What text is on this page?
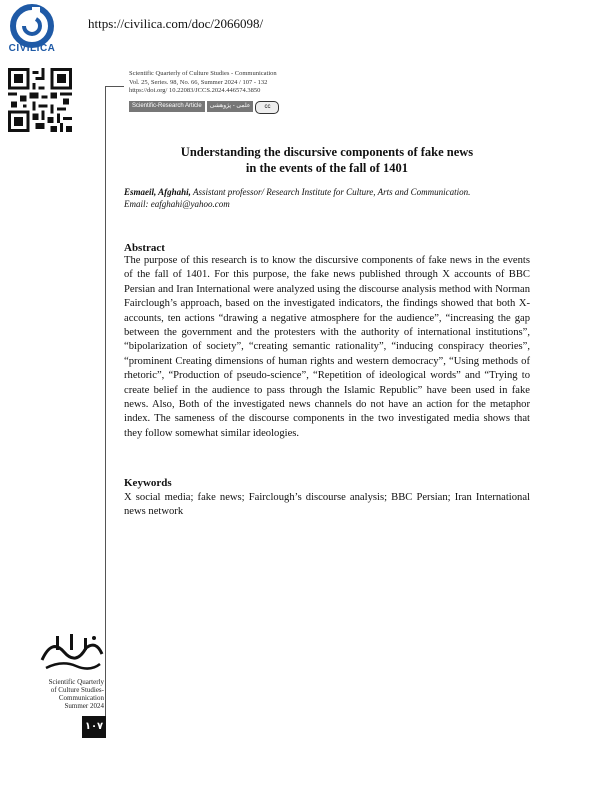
CIVILICA
https://civilica.com/doc/2066098/
Scientific Quarterly of Culture Studies - Communication
Vol. 25, Series. 98, No. 66, Summer 2024 / 107 - 132
https://doi.org/ 10.22083/JCCS.2024.446574.3850
Scientific-Research Article	علمی - پژوهشی	cc
Understanding the discursive components of fake news
in the events of the fall of 1401
Esmaeil, Afghahi, Assistant professor/ Research Institute for Culture, Arts and Communication.
Email: eafghahi@yahoo.com
Abstract
The purpose of this research is to know the discursive components of fake news in the events of the fall of 1401. For this purpose, the fake news published through X accounts of BBC Persian and Iran International were analyzed using the discourse analysis method with Norman Fairclough’s approach, based on the investigated indicators, the findings showed that both X-accounts, ten actions “drawing a negative atmosphere for the audience”, “increasing the gap between the government and the protesters with the authority of international institutions”, “bipolarization of society”, “creating semantic rationality”, “inducing conspiracy theories”, “prominent Creating dimensions of human rights and western democracy”, “Using methods of rhetoric”, “Production of pseudo-science”, “Repetition of ideological words” and “Trying to create belief in the audience to pass through the Islamic Republic” have been used in fake news. Also, Both of the investigated news channels do not have an action for the metaphor index. The sameness of the discourse components in the two investigated media shows that they follow somewhat similar ideologies.
Keywords
X social media; fake news; Fairclough’s discourse analysis; BBC Persian; Iran International news network
Scientific Quarterly
of Culture Studies-
Communication
Summer 2024
۱۰۷
